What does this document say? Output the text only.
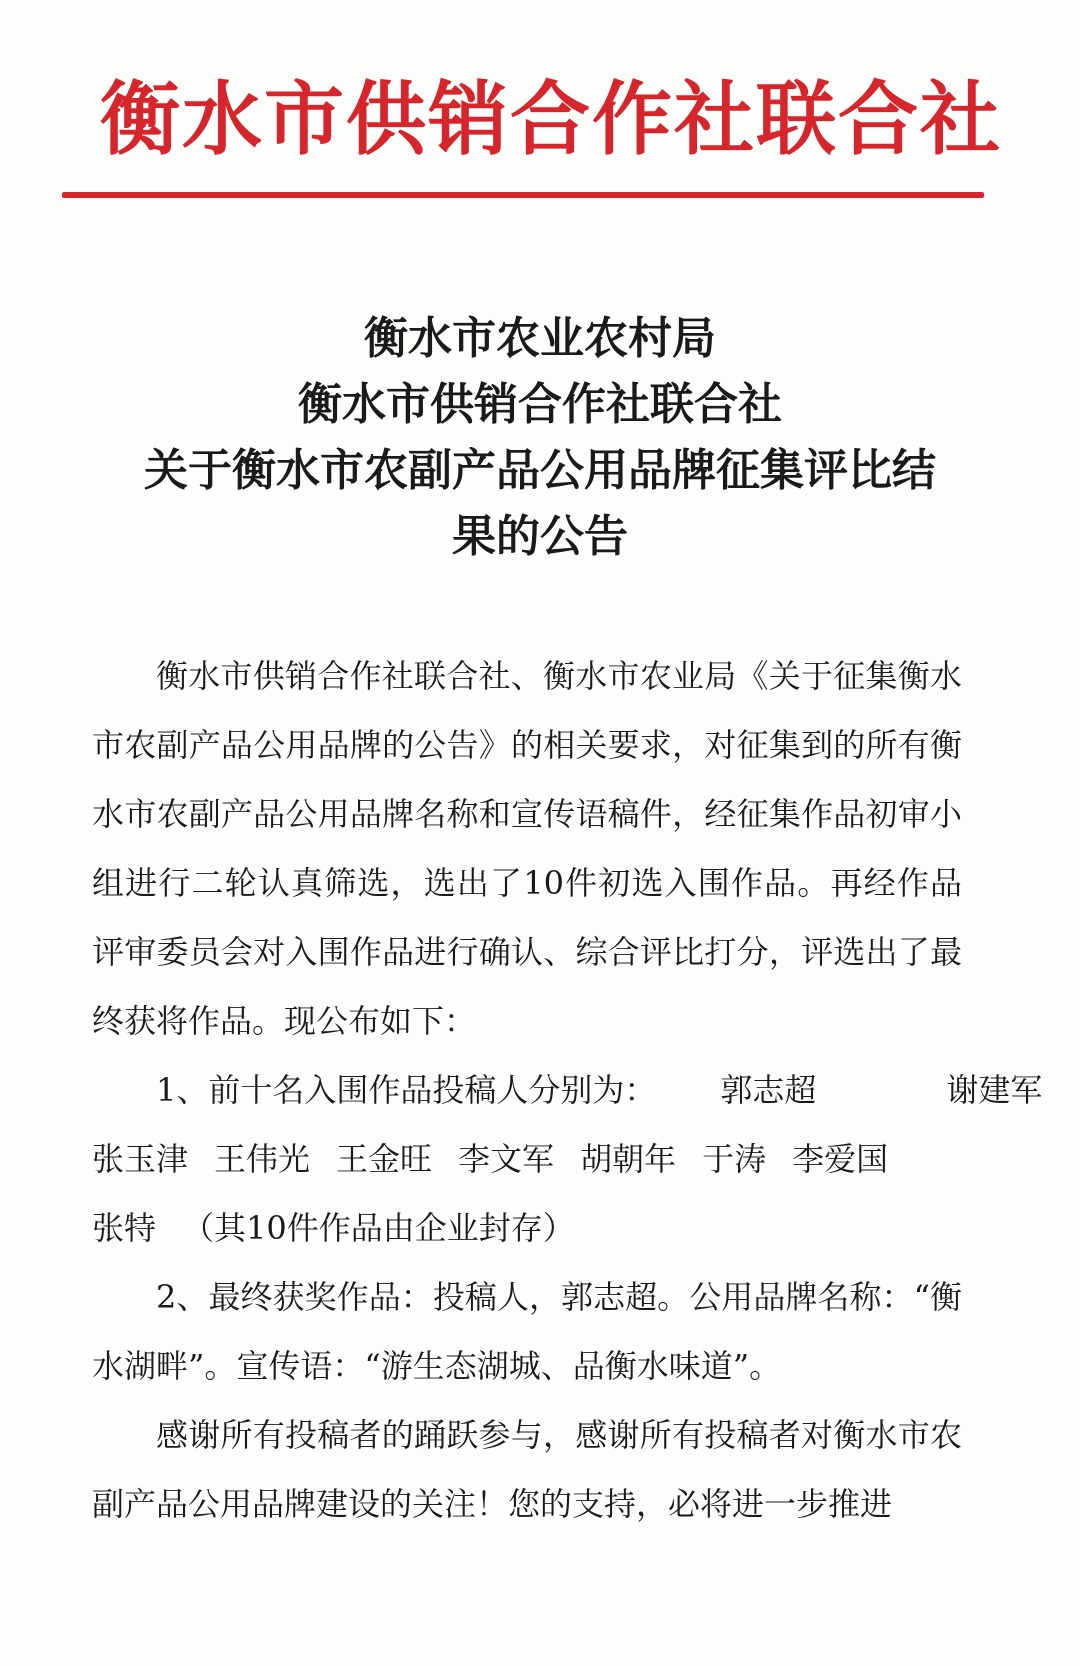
衡水市供销合作社联合社
衡水市农业农村局
衡水市供销合作社联合社
关于衡水市农副产品公用品牌征集评比结
果的公告

衡水市供销合作社联合社、衡水市农业局《关于征集衡水市农副产品公用品牌的公告》的相关要求，对征集到的所有衡水市农副产品公用品牌名称和宣传语稿件，经征集作品初审小组进行二轮认真筛选，选出了10件初选入围作品。再经作品评审委员会对入围作品进行确认、综合评比打分，评选出了最终获将作品。现公布如下：

1、前十名入围作品投稿人分别为： 郭志超	谢建军

张玉津 王伟光 王金旺 李文军 胡朝年 于涛 李爱国

张特 （其10件作品由企业封存）

2、最终获奖作品：投稿人，郭志超。公用品牌名称：“衡水湖畔”。宣传语：“游生态湖城、品衡水味道”。

感谢所有投稿者的踊跃参与，感谢所有投稿者对衡水市农副产品公用品牌建设的关注！您的支持，必将进一步推进
